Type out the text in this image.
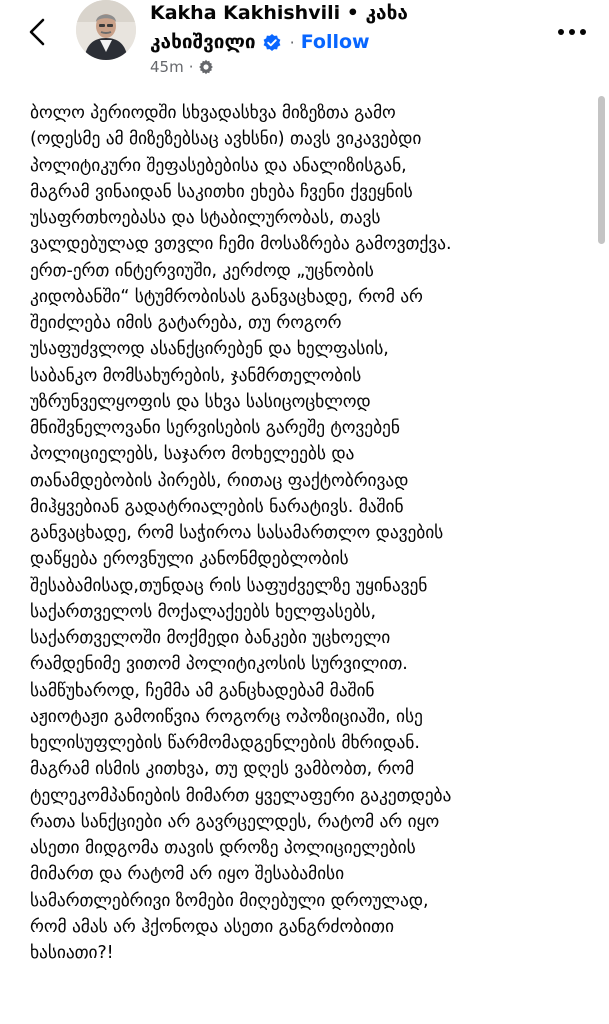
Kakha Kakhishvili • კახა
კახიშვილი · Follow
45m ·
ბოლო პერიოდში სხვადასხვა მიზეზთა გამო
(ოდესმე ამ მიზეზებსაც ავხსნი) თავს ვიკავებდი
პოლიტიკური შეფასებებისა და ანალიზისგან,
მაგრამ ვინაიდან საკითხი ეხება ჩვენი ქვეყნის
უსაფრთხოებასა და სტაბილურობას, თავს
ვალდებულად ვთვლი ჩემი მოსაზრება გამოვთქვა.
ერთ-ერთ ინტერვიუში, კერძოდ „უცნობის
კიდობანში“ სტუმრობისას განვაცხადე, რომ არ
შეიძლება იმის გატარება, თუ როგორ
უსაფუძვლოდ ასანქცირებენ და ხელფასის,
საბანკო მომსახურების, ჯანმრთელობის
უზრუნველყოფის და სხვა სასიცოცხლოდ
მნიშვნელოვანი სერვისების გარეშე ტოვებენ
პოლიციელებს, საჯარო მოხელეებს და
თანამდებობის პირებს, რითაც ფაქტობრივად
მიჰყვებიან გადატრიალების ნარატივს. მაშინ
განვაცხადე, რომ საჭიროა სასამართლო დავების
დაწყება ეროვნული კანონმდებლობის
შესაბამისად,თუნდაც რის საფუძველზე უყინავენ
საქართველოს მოქალაქეებს ხელფასებს,
საქართველოში მოქმედი ბანკები უცხოელი
რამდენიმე ვითომ პოლიტიკოსის სურვილით.
სამწუხაროდ, ჩემმა ამ განცხადებამ მაშინ
აჟიოტაჟი გამოიწვია როგორც ოპოზიციაში, ისე
ხელისუფლების წარმომადგენლების მხრიდან.
მაგრამ ისმის კითხვა, თუ დღეს ვამბობთ, რომ
ტელეკომპანიების მიმართ ყველაფერი გაკეთდება
რათა სანქციები არ გავრცელდეს, რატომ არ იყო
ასეთი მიდგომა თავის დროზე პოლიციელების
მიმართ და რატომ არ იყო შესაბამისი
სამართლებრივი ზომები მიღებული დროულად,
რომ ამას არ ჰქონოდა ასეთი განგრძობითი
ხასიათი?!
